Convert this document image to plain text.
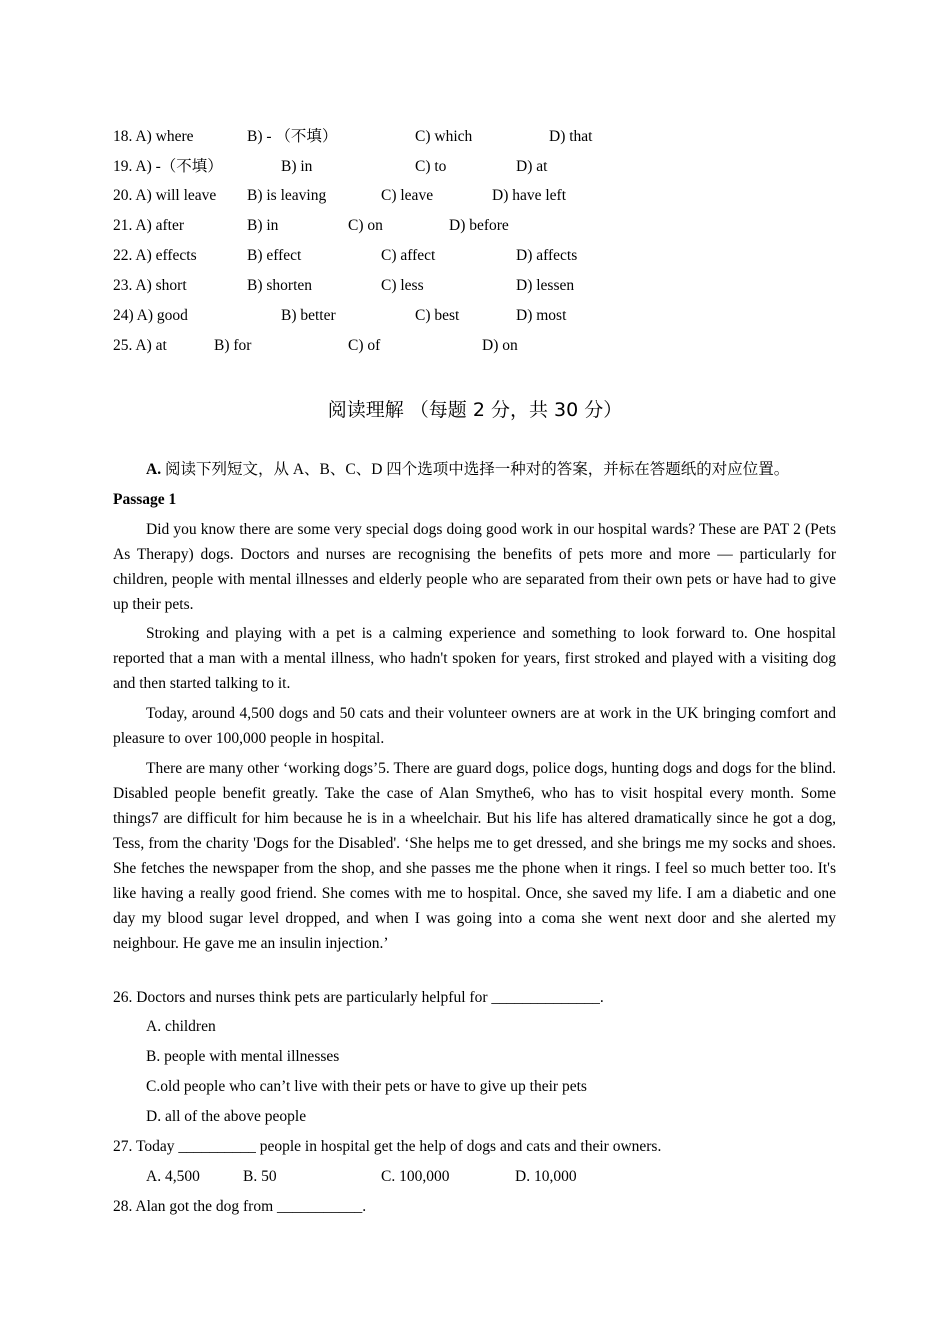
18. A) where	B) - （不填）	C) which	D) that
19. A) -（不填）	B) in	C) to	D) at
20. A) will leave B) is leaving	C) leave	D) have left
21. A) after	B) in	C) on	D) before
22. A) effects	B) effect	C) affect	D) affects
23. A) short	B) shorten	C) less	D) lessen
24) A) good	B) better	C) best	D) most
25. A) at	B) for	C) of	D) on
阅读理解 （每题 2 分，共 30 分）
A. 阅读下列短文，从 A、B、C、D 四个选项中选择一种对的答案，并标在答题纸的对应位置。
Passage 1

Did you know there are some very special dogs doing good work in our hospital wards? These are PAT 2 (Pets As Therapy) dogs. Doctors and nurses are recognising the benefits of pets more and more — particularly for children, people with mental illnesses and elderly people who are separated from their own pets or have had to give up their pets.

Stroking and playing with a pet is a calming experience and something to look forward to. One hospital reported that a man with a mental illness, who hadn't spoken for years, first stroked and played with a visiting dog and then started talking to it.

Today, around 4,500 dogs and 50 cats and their volunteer owners are at work in the UK bringing comfort and pleasure to over 100,000 people in hospital.

There are many other ‘working dogs’5. There are guard dogs, police dogs, hunting dogs and dogs for the blind. Disabled people benefit greatly. Take the case of Alan Smythe6, who has to visit hospital every month. Some things7 are difficult for him because he is in a wheelchair. But his life has altered dramatically since he got a dog, Tess, from the charity 'Dogs for the Disabled'. ‘She helps me to get dressed, and she brings me my socks and shoes. She fetches the newspaper from the shop, and she passes me the phone when it rings. I feel so much better too. It's like having a really good friend. She comes with me to hospital. Once, she saved my life. I am a diabetic and one day my blood sugar level dropped, and when I was going into a coma she went next door and she alerted my neighbour. He gave me an insulin injection.’

26. Doctors and nurses think pets are particularly helpful for ______________.
A. children
B. people with mental illnesses
C.old people who can’t live with their pets or have to give up their pets
D. all of the above people
27. Today __________ people in hospital get the help of dogs and cats and their owners.
A. 4,500	B. 50	C. 100,000	D. 10,000
28. Alan got the dog from ___________.
